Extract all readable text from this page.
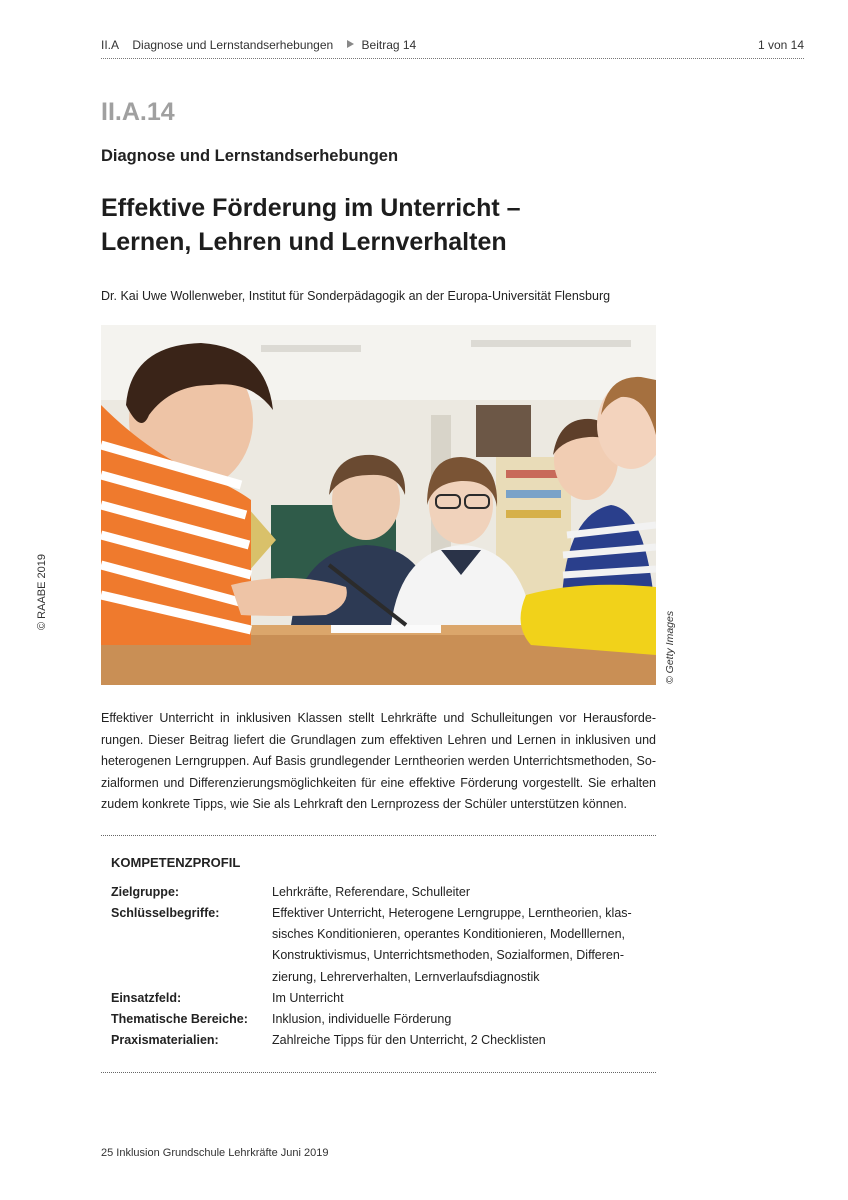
II.A Diagnose und Lernstandserhebungen Beitrag 14	1 von 14
II.A.14
Diagnose und Lernstandserhebungen
Effektive Förderung im Unterricht –
Lernen, Lehren und Lernverhalten
Dr. Kai Uwe Wollenweber, Institut für Sonderpädagogik an der Europa-Universität Flensburg
© RAABE 2019
© Getty Images
Effektiver Unterricht in inklusiven Klassen stellt Lehrkräfte und Schulleitungen vor Herausforde-
rungen. Dieser Beitrag liefert die Grundlagen zum effektiven Lehren und Lernen in inklusiven und
heterogenen Lerngruppen. Auf Basis grundlegender Lerntheorien werden Unterrichtsmethoden, So-
zialformen und Differenzierungsmöglichkeiten für eine effektive Förderung vorgestellt. Sie erhalten
zudem konkrete Tipps, wie Sie als Lehrkraft den Lernprozess der Schüler unterstützen können.
KOMPETENZPROFIL
Zielgruppe:	Lehrkräfte, Referendare, Schulleiter
Schlüsselbegriffe:	Effektiver Unterricht, Heterogene Lerngruppe, Lerntheorien, klas-
sisches Konditionieren, operantes Konditionieren, Modelllernen,
Konstruktivismus, Unterrichtsmethoden, Sozialformen, Differen-
zierung, Lehrerverhalten, Lernverlaufsdiagnostik
Einsatzfeld:	Im Unterricht
Thematische Bereiche: Inklusion, individuelle Förderung
Praxismaterialien:	Zahlreiche Tipps für den Unterricht, 2 Checklisten
25 Inklusion Grundschule Lehrkräfte Juni 2019
